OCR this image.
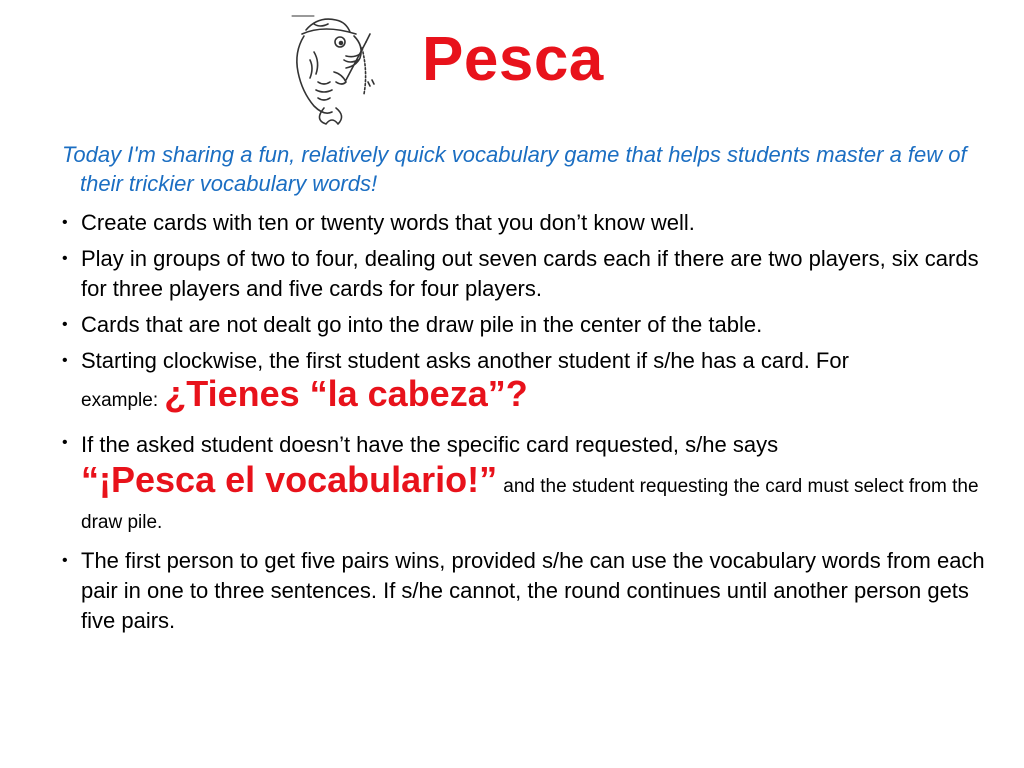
Pesca

Today I'm sharing a fun, relatively quick vocabulary game that helps students master a few of their trickier vocabulary words!

• Create cards with ten or twenty words that you don’t know well.
• Play in groups of two to four, dealing out seven cards each if there are two players, six cards for three players and five cards for four players.
• Cards that are not dealt go into the draw pile in the center of the table.
• Starting clockwise, the first student asks another student if s/he has a card. For
example: ¿Tienes “la cabeza”?
• If the asked student doesn’t have the specific card requested, s/he says
“¡Pesca el vocabulario!” and the student requesting the card must select from the draw pile.
• The first person to get five pairs wins, provided s/he can use the vocabulary words from each pair in one to three sentences. If s/he cannot, the round continues until another person gets five pairs.
